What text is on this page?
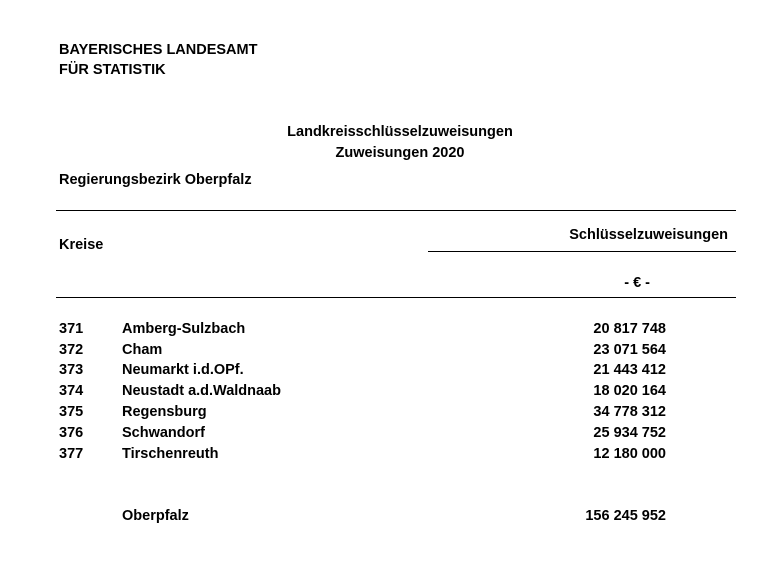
BAYERISCHES LANDESAMT
FÜR STATISTIK
Landkreisschlüsselzuweisungen
Zuweisungen 2020
Regierungsbezirk Oberpfalz
Kreise
Schlüsselzuweisungen
- € -
371	Amberg-Sulzbach	20 817 748
372	Cham	23 071 564
373	Neumarkt i.d.OPf.	21 443 412
374	Neustadt a.d.Waldnaab	18 020 164
375	Regensburg	34 778 312
376	Schwandorf	25 934 752
377	Tirschenreuth	12 180 000
Oberpfalz	156 245 952
